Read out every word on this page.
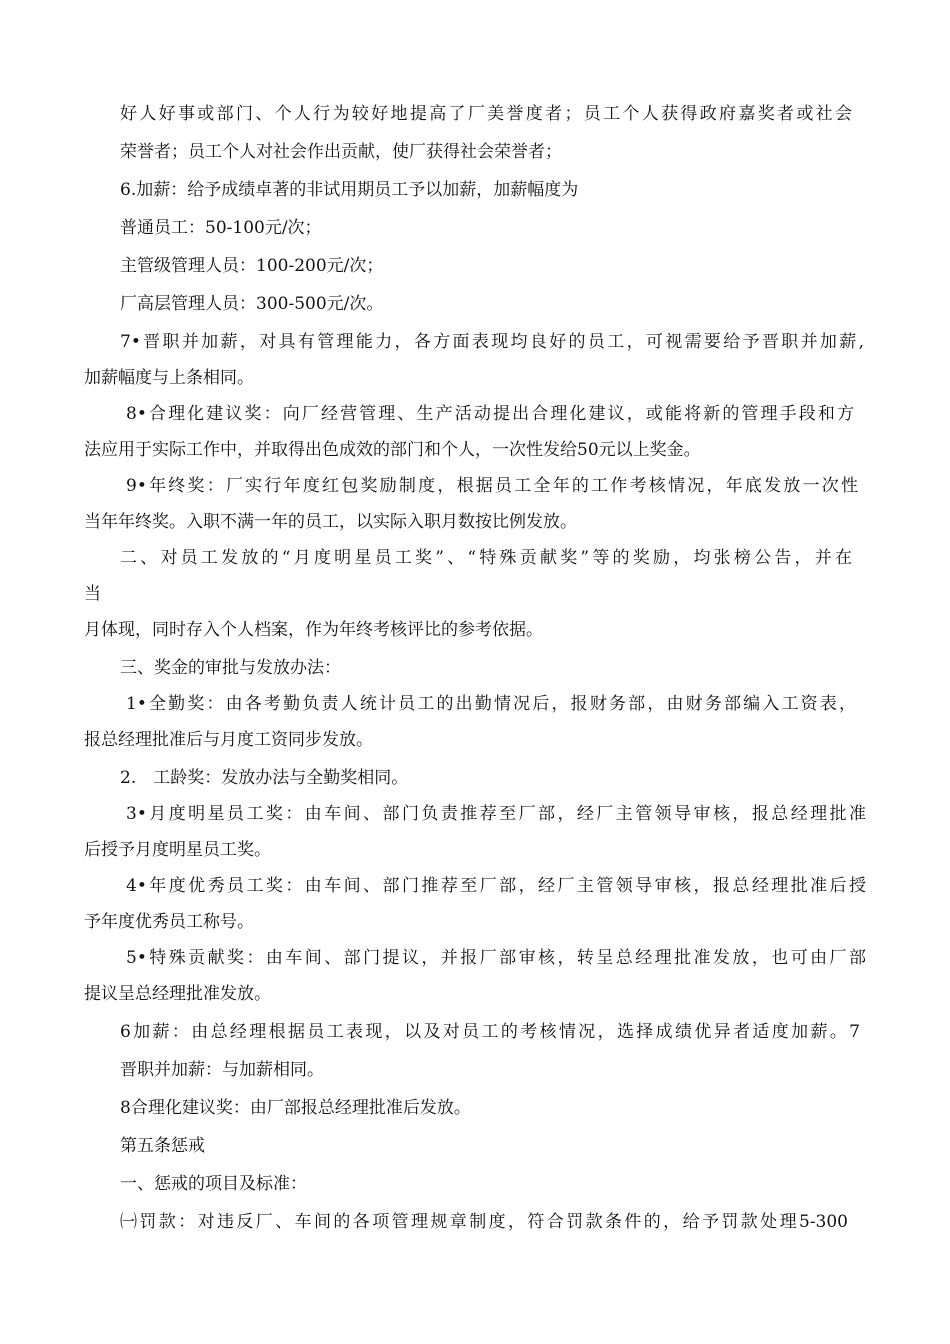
好人好事或部门、个人行为较好地提高了厂美誉度者；员工个人获得政府嘉奖者或社会
荣誉者；员工个人对社会作出贡献，使厂获得社会荣誉者；
6.加薪：给予成绩卓著的非试用期员工予以加薪，加薪幅度为
普通员工：50-100元/次；
主管级管理人员：100-200元/次；
厂高层管理人员：300-500元/次。
7•晋职并加薪，对具有管理能力，各方面表现均良好的员工，可视需要给予晋职并加薪,
加薪幅度与上条相同。
8•合理化建议奖：向厂经营管理、生产活动提出合理化建议，或能将新的管理手段和方
法应用于实际工作中，并取得出色成效的部门和个人，一次性发给50元以上奖金。
9•年终奖：厂实行年度红包奖励制度，根据员工全年的工作考核情况，年底发放一次性
当年年终奖。入职不满一年的员工，以实际入职月数按比例发放。
二、对员工发放的“月度明星员工奖”、“特殊贡献奖”等的奖励，均张榜公告，并在
当
月体现，同时存入个人档案，作为年终考核评比的参考依据。
三、奖金的审批与发放办法：
1•全勤奖：由各考勤负责人统计员工的出勤情况后，报财务部，由财务部编入工资表，
报总经理批准后与月度工资同步发放。
2.　工龄奖：发放办法与全勤奖相同。
3•月度明星员工奖：由车间、部门负责推荐至厂部，经厂主管领导审核，报总经理批准
后授予月度明星员工奖。
4•年度优秀员工奖：由车间、部门推荐至厂部，经厂主管领导审核，报总经理批准后授
予年度优秀员工称号。
5•特殊贡献奖：由车间、部门提议，并报厂部审核，转呈总经理批准发放，也可由厂部
提议呈总经理批准发放。
6加薪：由总经理根据员工表现，以及对员工的考核情况，选择成绩优异者适度加薪。7
晋职并加薪：与加薪相同。
8合理化建议奖：由厂部报总经理批准后发放。
第五条惩戒
一、惩戒的项目及标准：
㈠罚款：对违反厂、车间的各项管理规章制度，符合罚款条件的，给予罚款处理5-300
